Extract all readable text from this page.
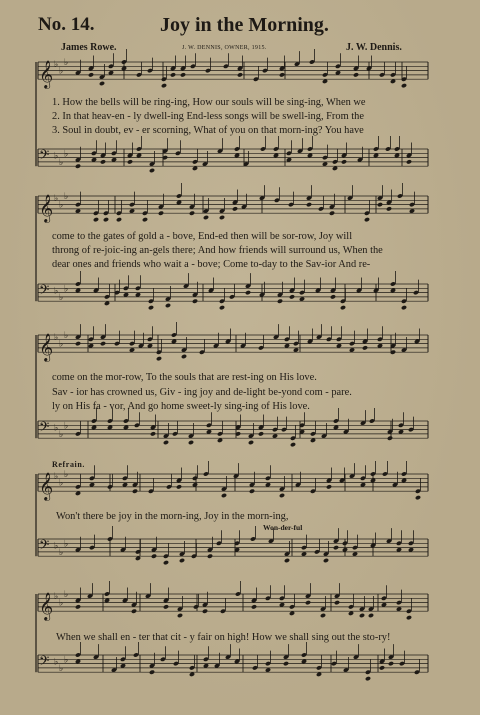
No. 14.	Joy in the Morning.
James Rowe.	J. W. DENNIS, OWNER, 1915.	J. W. Dennis.
𝄞 ♭
♭
♭
𝄢 ♭
♭
♭
𝄞 ♭
♭
♭
𝄢 ♭
♭
♭
𝄞 ♭
♭
♭
𝄢 ♭
♭
♭
𝄞 ♭
♭
♭
𝄢 ♭
♭
♭
𝄞 ♭
♭
♭
𝄢 ♭
♭
♭
1. How the bells will be ring-ing, How our souls will be sing-ing, When we
2. In that heav-en - ly dwell-ing End-less songs will be swell-ing, From the
3. Soul in doubt, ev - er scorning, What of you on that morn-ing? You have
come to the gates of gold a - bove, End-ed then will be sor-row, Joy will
throng of re-joic-ing an-gels there; And how friends will surround us, When the
dear ones and friends who wait a - bove; Come to-day to the Sav-ior And re-
come on the mor-row, To the souls that are rest-ing on His love.
Sav - ior has crowned us, Giv - ing joy and de-light be-yond com - pare.
ly on His fa - vor, And go home sweet-ly sing-ing of His love.
Refrain.
Won't there be joy in the morn-ing, Joy in the morn-ing,
Won-der-ful
When we shall en - ter that cit - y fair on high! How we shall sing out the sto-ry!
